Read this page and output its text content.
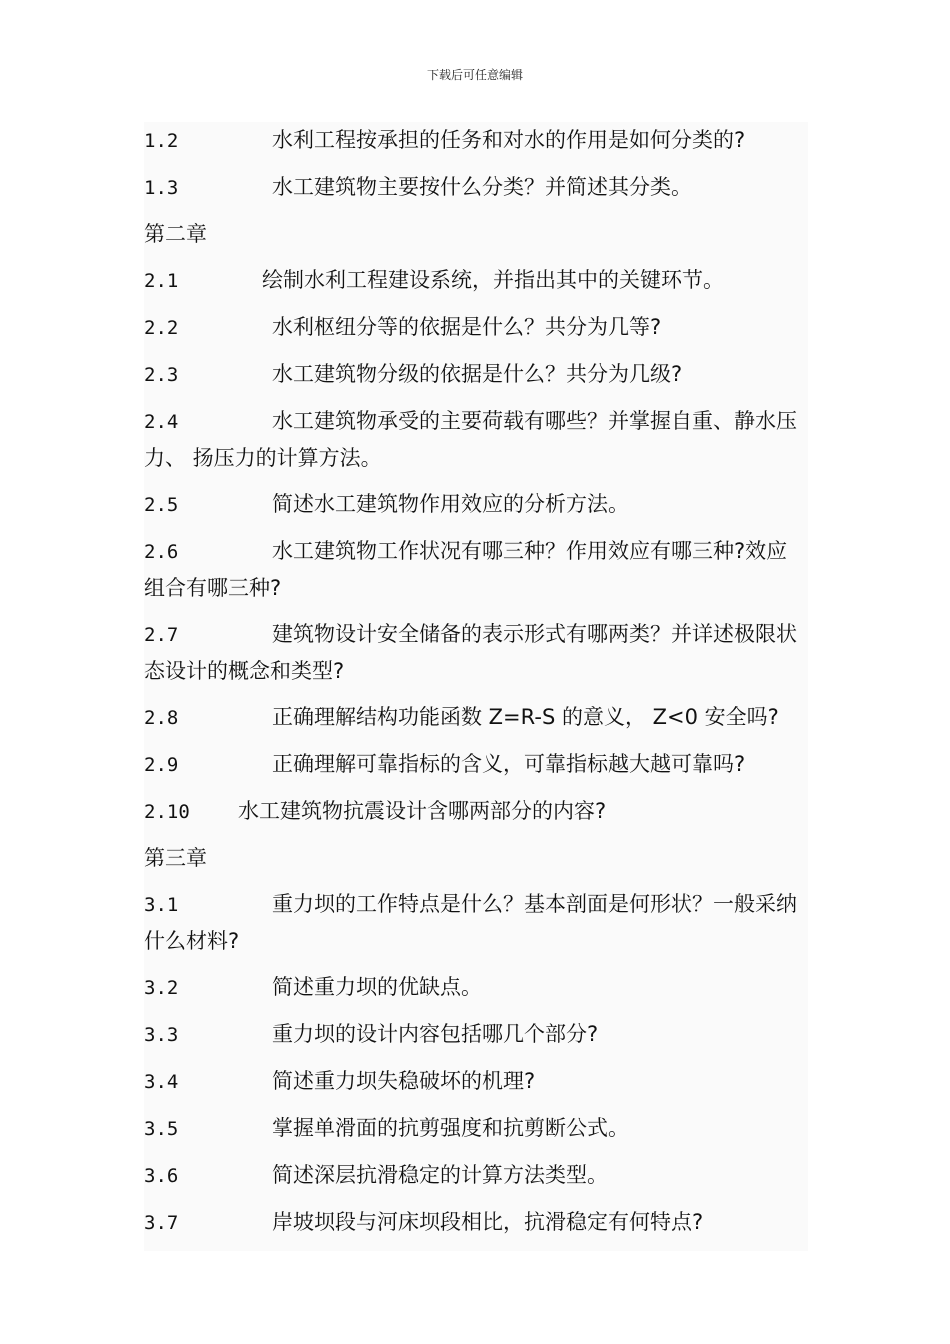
下载后可任意编辑
1.2	水利工程按承担的任务和对水的作用是如何分类的?
1.3	水工建筑物主要按什么分类？并简述其分类。
第二章
2.1	绘制水利工程建设系统，并指出其中的关键环节。
2.2	水利枢纽分等的依据是什么？共分为几等?
2.3	水工建筑物分级的依据是什么？共分为几级?
2.4	水工建筑物承受的主要荷载有哪些？并掌握自重、静水压力、 扬压力的计算方法。
2.5	简述水工建筑物作用效应的分析方法。
2.6	水工建筑物工作状况有哪三种？作用效应有哪三种?效应组合有哪三种?
2.7	建筑物设计安全储备的表示形式有哪两类？并详述极限状态设计的概念和类型?
2.8	正确理解结构功能函数 Z=R-S 的意义， Z<0 安全吗?
2.9	正确理解可靠指标的含义，可靠指标越大越可靠吗?
2.10 水工建筑物抗震设计含哪两部分的内容?
第三章
3.1	重力坝的工作特点是什么？基本剖面是何形状？一般采纳什么材料?
3.2	简述重力坝的优缺点。
3.3	重力坝的设计内容包括哪几个部分?
3.4	简述重力坝失稳破坏的机理?
3.5	掌握单滑面的抗剪强度和抗剪断公式。
3.6	简述深层抗滑稳定的计算方法类型。
3.7	岸坡坝段与河床坝段相比，抗滑稳定有何特点?
